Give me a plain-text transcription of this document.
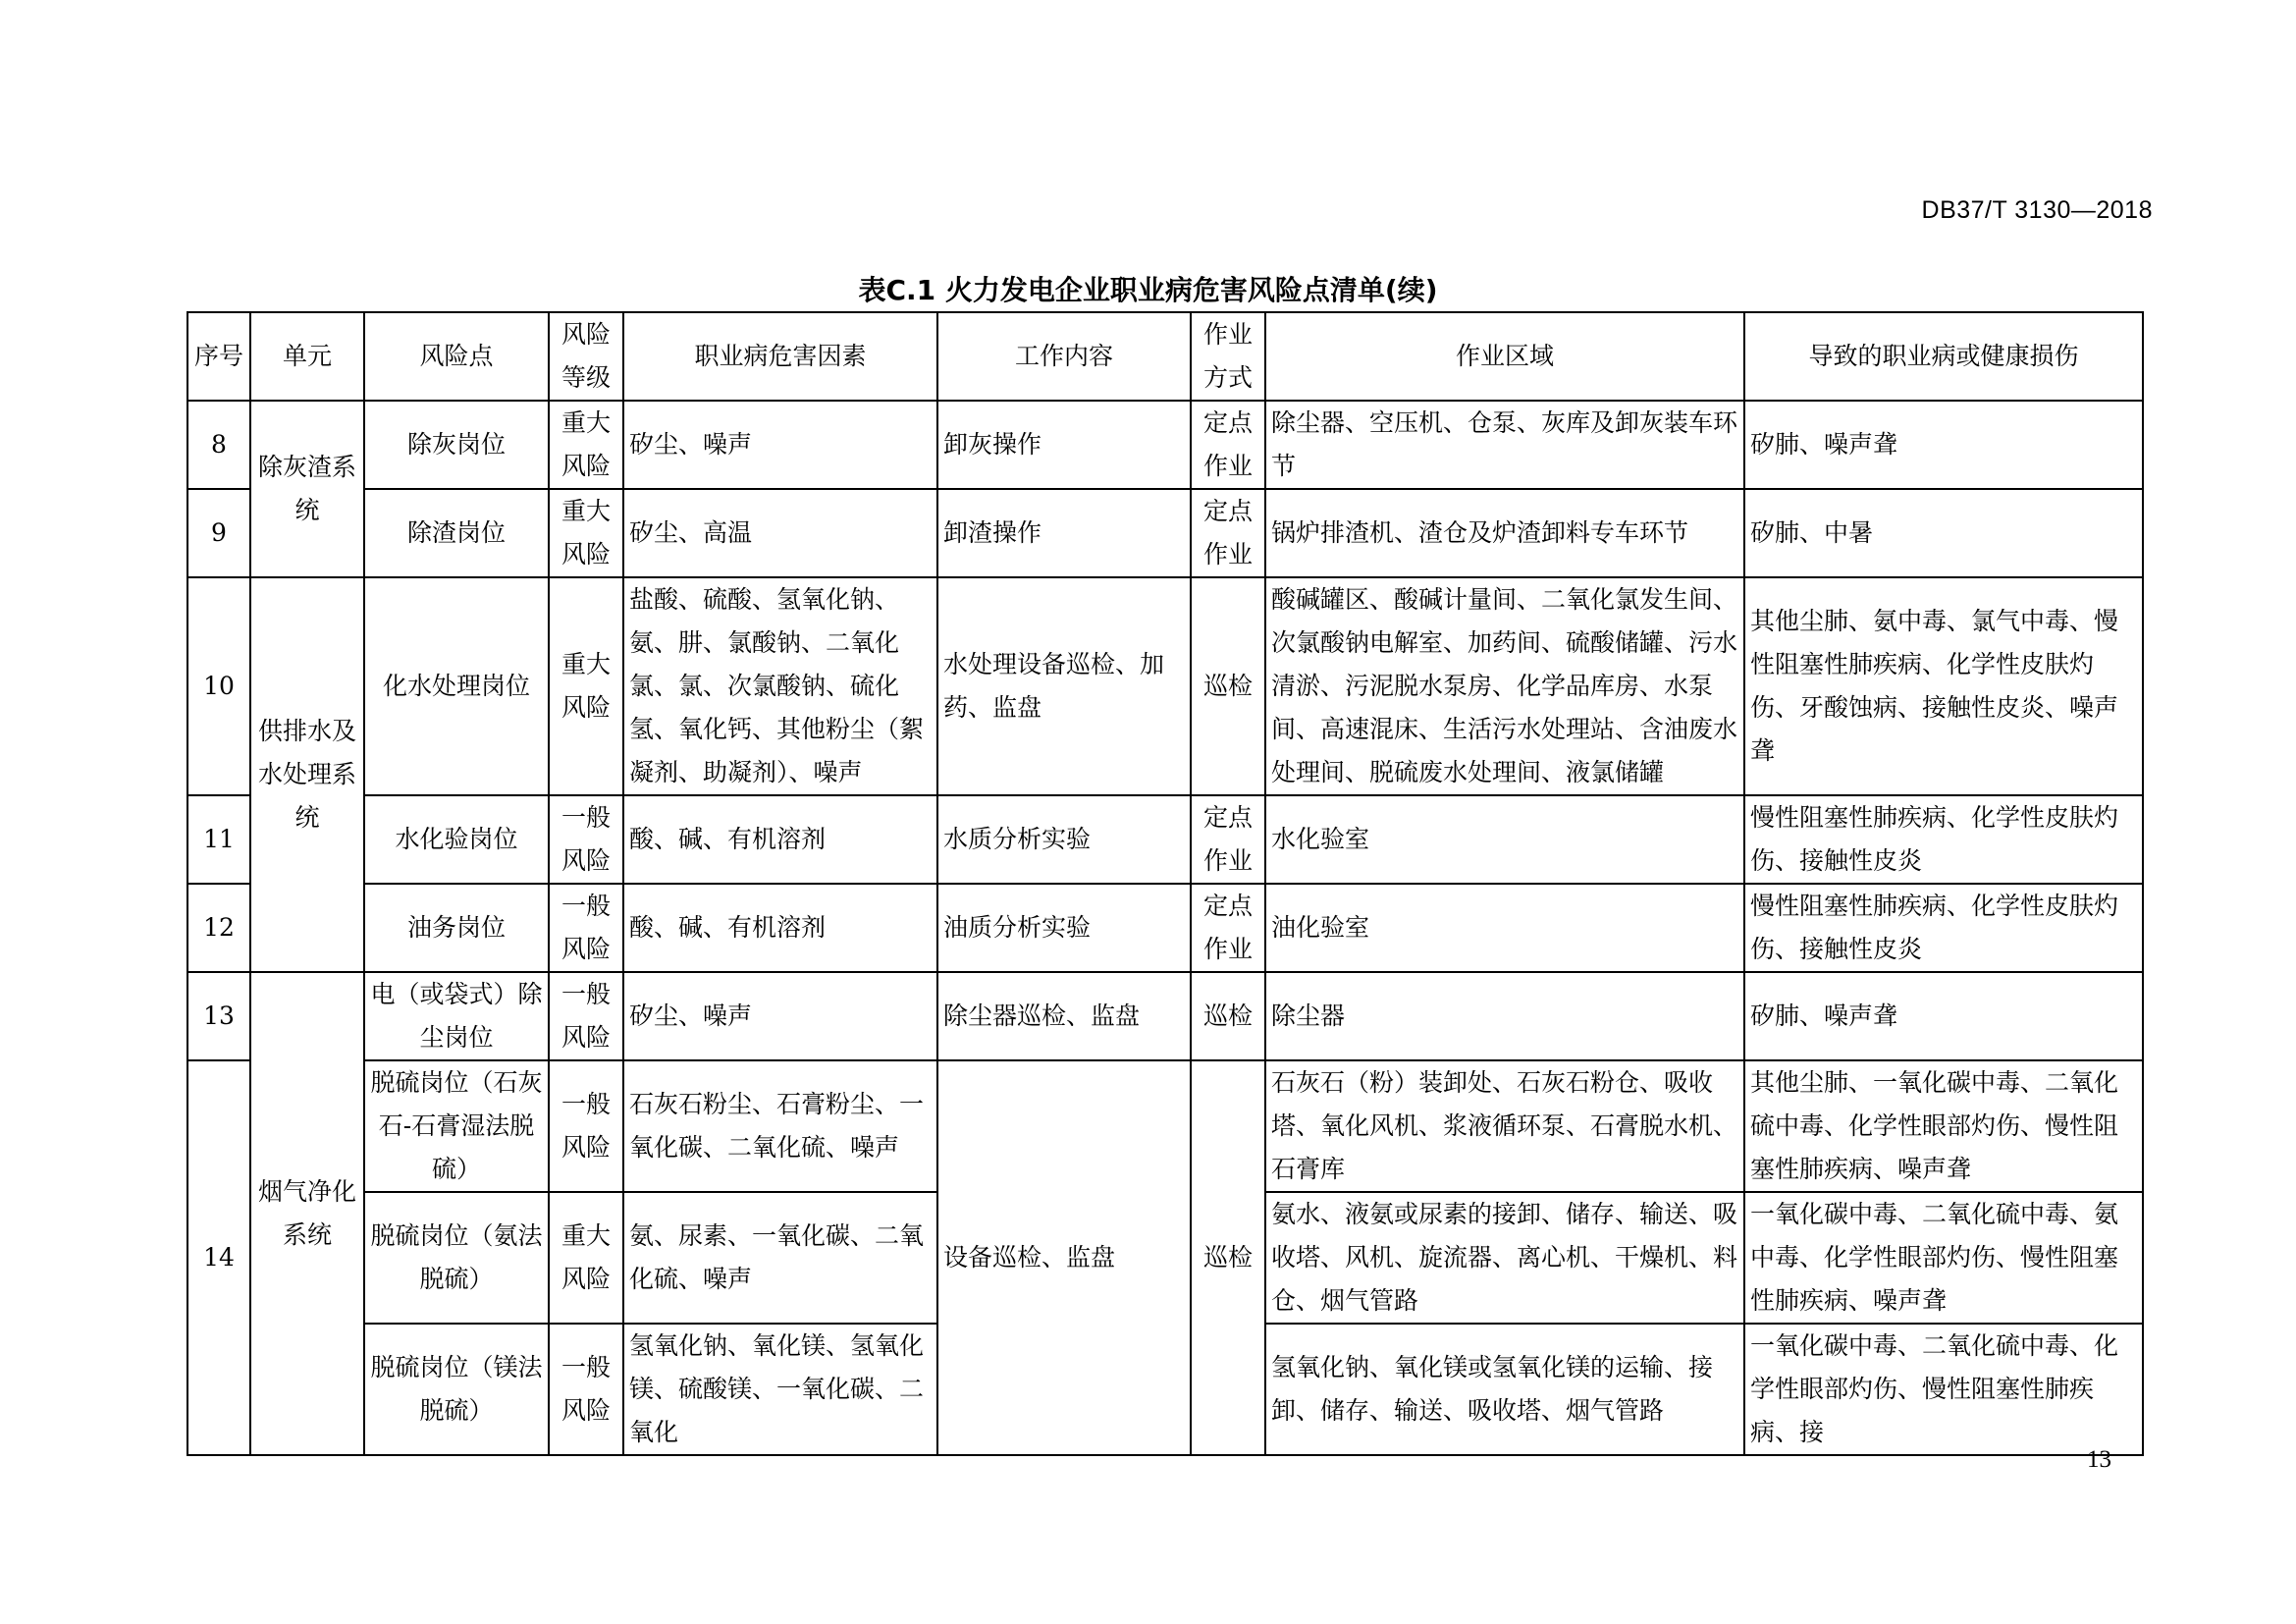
DB37/T 3130—2018
表C.1 火力发电企业职业病危害风险点清单(续)
序号	单元	风险点	风险等级	职业病危害因素	工作内容	作业方式	作业区域	导致的职业病或健康损伤
8	除灰渣系统	除灰岗位	重大风险	矽尘、噪声	卸灰操作	定点作业	除尘器、空压机、仓泵、灰库及卸灰装车环节	矽肺、噪声聋
9		除渣岗位	重大风险	矽尘、高温	卸渣操作	定点作业	锅炉排渣机、渣仓及炉渣卸料专车环节	矽肺、中暑
10	供排水及水处理系统	化水处理岗位	重大风险	盐酸、硫酸、氢氧化钠、氨、肼、氯酸钠、二氧化氯、氯、次氯酸钠、硫化氢、氧化钙、其他粉尘（絮凝剂、助凝剂）、噪声	水处理设备巡检、加药、监盘	巡检	酸碱罐区、酸碱计量间、二氧化氯发生间、次氯酸钠电解室、加药间、硫酸储罐、污水清淤、污泥脱水泵房、化学品库房、水泵间、高速混床、生活污水处理站、含油废水处理间、脱硫废水处理间、液氯储罐	其他尘肺、氨中毒、氯气中毒、慢性阻塞性肺疾病、化学性皮肤灼伤、牙酸蚀病、接触性皮炎、噪声聋
11		水化验岗位	一般风险	酸、碱、有机溶剂	水质分析实验	定点作业	水化验室	慢性阻塞性肺疾病、化学性皮肤灼伤、接触性皮炎
12		油务岗位	一般风险	酸、碱、有机溶剂	油质分析实验	定点作业	油化验室	慢性阻塞性肺疾病、化学性皮肤灼伤、接触性皮炎
13	烟气净化系统	电（或袋式）除尘岗位	一般风险	矽尘、噪声	除尘器巡检、监盘	巡检	除尘器	矽肺、噪声聋
14		脱硫岗位（石灰石-石膏湿法脱硫）	一般风险	石灰石粉尘、石膏粉尘、一氧化碳、二氧化硫、噪声	设备巡检、监盘	巡检	石灰石（粉）装卸处、石灰石粉仓、吸收塔、氧化风机、浆液循环泵、石膏脱水机、石膏库	其他尘肺、一氧化碳中毒、二氧化硫中毒、化学性眼部灼伤、慢性阻塞性肺疾病、噪声聋
		脱硫岗位（氨法脱硫）	重大风险	氨、尿素、一氧化碳、二氧化硫、噪声			氨水、液氨或尿素的接卸、储存、输送、吸收塔、风机、旋流器、离心机、干燥机、料仓、烟气管路	一氧化碳中毒、二氧化硫中毒、氨中毒、化学性眼部灼伤、慢性阻塞性肺疾病、噪声聋
		脱硫岗位（镁法脱硫）	一般风险	氢氧化钠、氧化镁、氢氧化镁、硫酸镁、一氧化碳、二氧化			氢氧化钠、氧化镁或氢氧化镁的运输、接卸、储存、输送、吸收塔、烟气管路	一氧化碳中毒、二氧化硫中毒、化学性眼部灼伤、慢性阻塞性肺疾病、接
13
